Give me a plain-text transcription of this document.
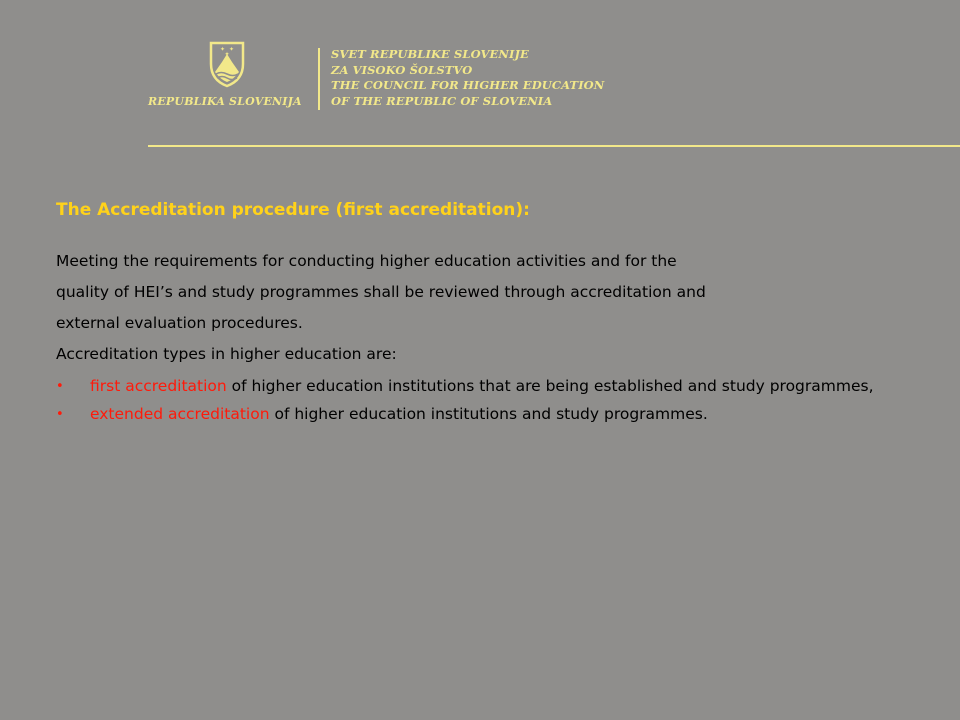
✦ ✦
✦
REPUBLIKA SLOVENIJA
SVET REPUBLIKE SLOVENIJE
ZA VISOKO ŠOLSTVO
THE COUNCIL FOR HIGHER EDUCATION
OF THE REPUBLIC OF SLOVENIA
The Accreditation procedure (first accreditation):
Meeting the requirements for conducting higher education activities and for the
quality of HEI’s and study programmes shall be reviewed through accreditation and
external evaluation procedures.
Accreditation types in higher education are:
• first accreditation of higher education institutions that are being established and study programmes,
• extended accreditation of higher education institutions and study programmes.
